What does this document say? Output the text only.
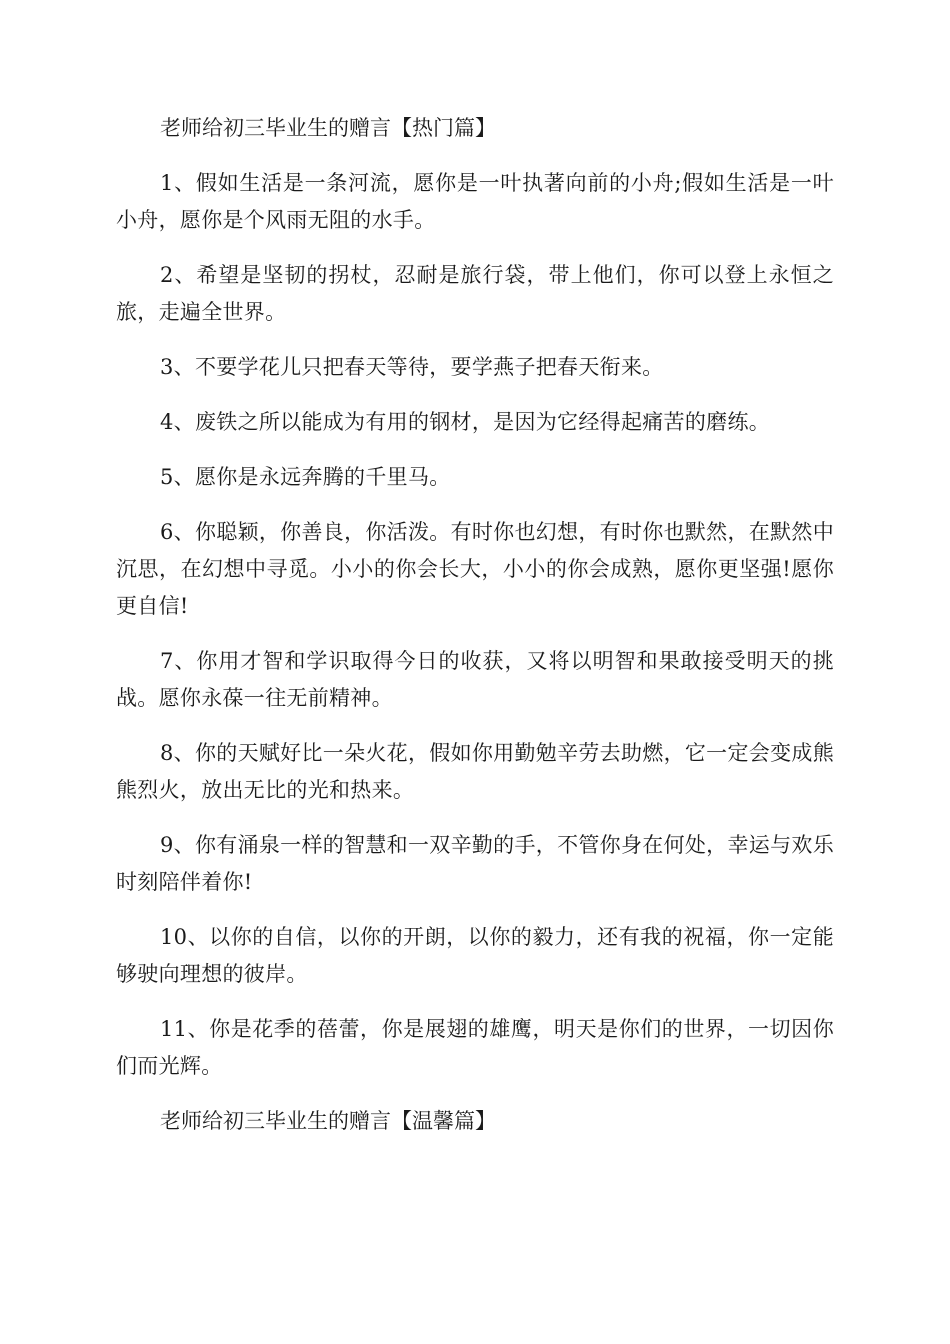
老师给初三毕业生的赠言【热门篇】

1、假如生活是一条河流，愿你是一叶执著向前的小舟;假如生活是一叶小舟，愿你是个风雨无阻的水手。

2、希望是坚韧的拐杖，忍耐是旅行袋，带上他们，你可以登上永恒之旅，走遍全世界。

3、不要学花儿只把春天等待，要学燕子把春天衔来。

4、废铁之所以能成为有用的钢材，是因为它经得起痛苦的磨练。

5、愿你是永远奔腾的千里马。

6、你聪颖，你善良，你活泼。有时你也幻想，有时你也默然，在默然中沉思，在幻想中寻觅。小小的你会长大，小小的你会成熟，愿你更坚强!愿你更自信!

7、你用才智和学识取得今日的收获，又将以明智和果敢接受明天的挑战。愿你永葆一往无前精神。

8、你的天赋好比一朵火花，假如你用勤勉辛劳去助燃，它一定会变成熊熊烈火，放出无比的光和热来。

9、你有涌泉一样的智慧和一双辛勤的手，不管你身在何处，幸运与欢乐时刻陪伴着你!

10、以你的自信，以你的开朗，以你的毅力，还有我的祝福，你一定能够驶向理想的彼岸。

11、你是花季的蓓蕾，你是展翅的雄鹰，明天是你们的世界，一切因你们而光辉。

老师给初三毕业生的赠言【温馨篇】
